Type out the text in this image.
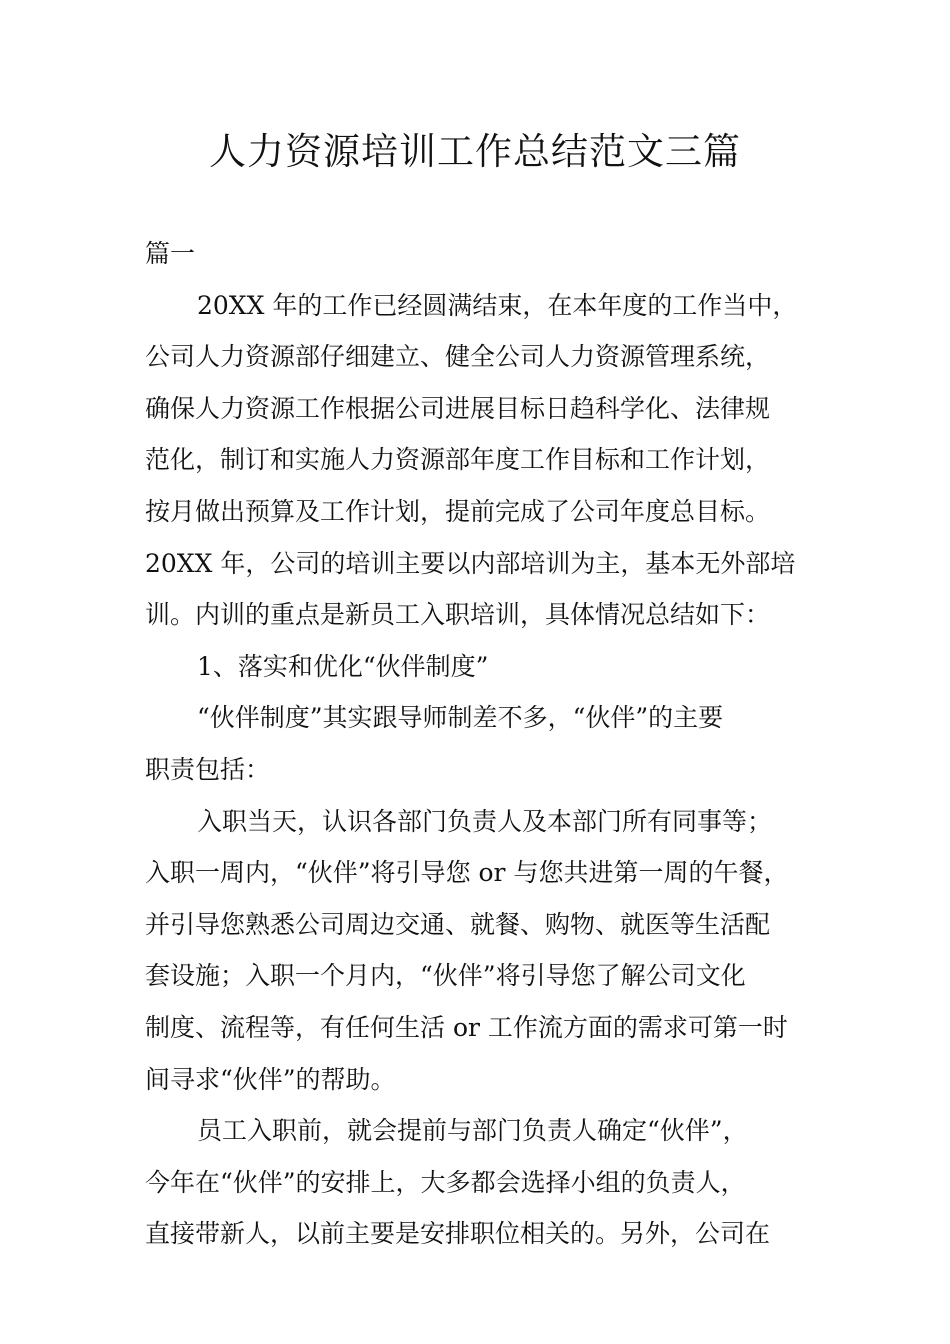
人力资源培训工作总结范文三篇
篇一
20XX 年的工作已经圆满结束，在本年度的工作当中，
公司人力资源部仔细建立、健全公司人力资源管理系统，
确保人力资源工作根据公司进展目标日趋科学化、法律规
范化，制订和实施人力资源部年度工作目标和工作计划，
按月做出预算及工作计划，提前完成了公司年度总目标。
20XX 年，公司的培训主要以内部培训为主，基本无外部培
训。内训的重点是新员工入职培训，具体情况总结如下：
1、落实和优化“伙伴制度”
“伙伴制度”其实跟导师制差不多，“伙伴”的主要
职责包括：
入职当天，认识各部门负责人及本部门所有同事等；
入职一周内，“伙伴”将引导您 or 与您共进第一周的午餐，
并引导您熟悉公司周边交通、就餐、购物、就医等生活配
套设施；入职一个月内，“伙伴”将引导您了解公司文化
制度、流程等，有任何生活 or 工作流方面的需求可第一时
间寻求“伙伴”的帮助。
员工入职前，就会提前与部门负责人确定“伙伴”，
今年在“伙伴”的安排上，大多都会选择小组的负责人，
直接带新人，以前主要是安排职位相关的。另外，公司在
